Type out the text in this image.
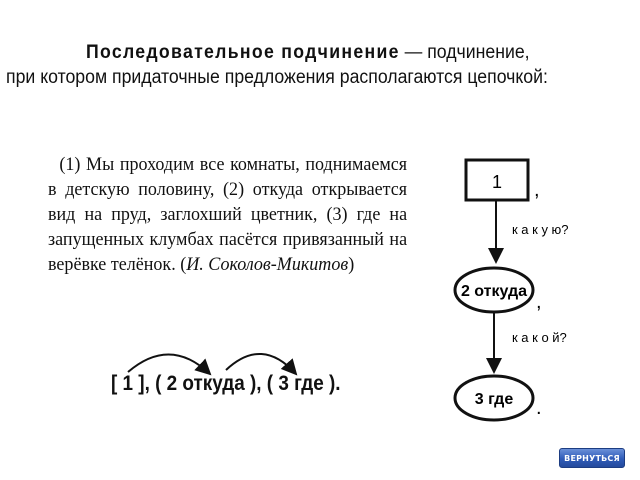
Последовательное подчинение — подчинение,
при котором придаточные предложения располагаются цепочкой:
(1) Мы проходим все комнаты, поднимаемся в детскую половину, (2) откуда открывается вид на пруд, заглохший цветник, (3) где на запущенных клумбах пасётся привязанный на верёвке телёнок. (И. Соколов-Микитов)
[ 1 ], ( 2 откуда ), ( 3 где ).
1 ,
к а к у ю?
2 откуда ,
к а к о й?
3 где .
ВЕРНУТЬСЯ
